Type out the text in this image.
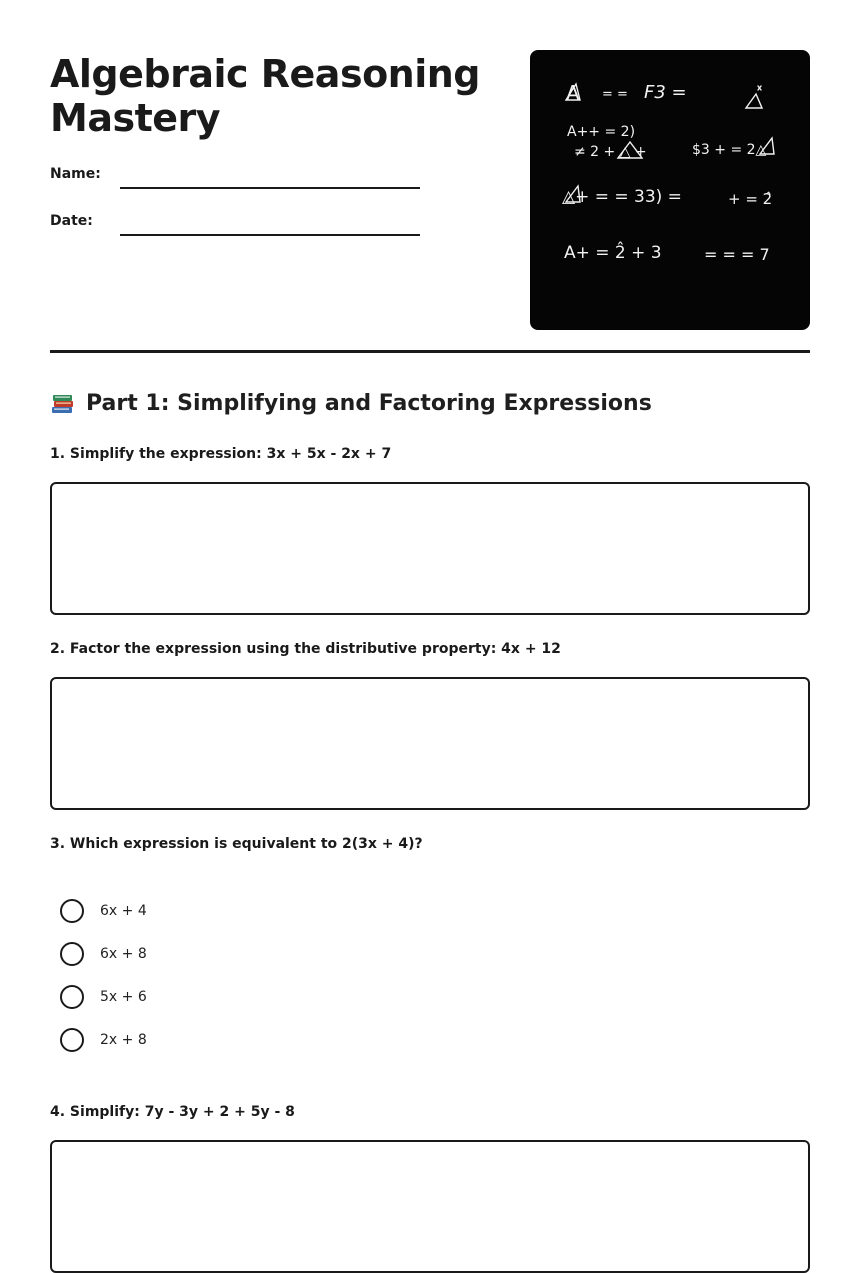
Algebraic Reasoning Mastery
Name:
Date:
A = = F3 =
A++ = 2)
≠ 2 + △ +	$3 + = 2△
△+ = = 33) =	+ = 2̂
A+ = 2̂ + 3	= = = 7
Part 1: Simplifying and Factoring Expressions
1. Simplify the expression: 3x + 5x - 2x + 7
2. Factor the expression using the distributive property: 4x + 12
3. Which expression is equivalent to 2(3x + 4)?
6x + 4
6x + 8
5x + 6
2x + 8
4. Simplify: 7y - 3y + 2 + 5y - 8
